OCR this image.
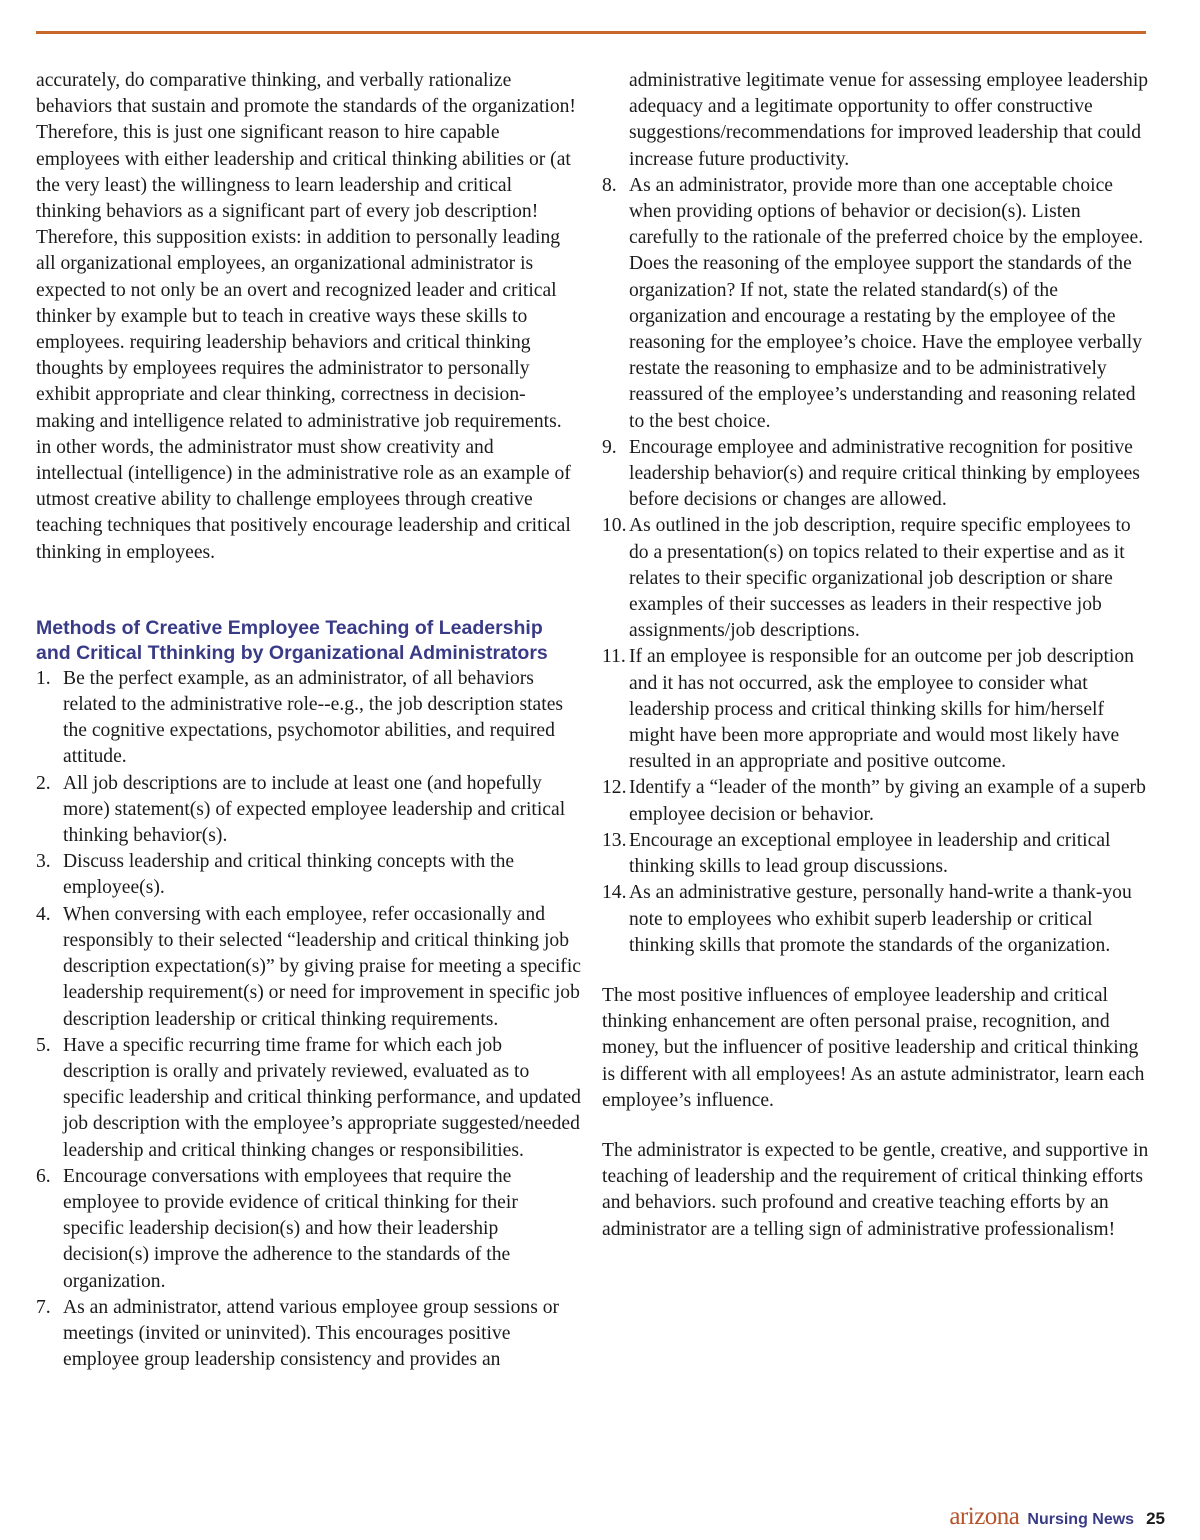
accurately, do comparative thinking, and verbally rationalize behaviors that sustain and promote the standards of the organization! Therefore, this is just one significant reason to hire capable employees with either leadership and critical thinking abilities or (at the very least) the willingness to learn leadership and critical thinking behaviors as a significant part of every job description! Therefore, this supposition exists: in addition to personally leading all organizational employees, an organizational administrator is expected to not only be an overt and recognized leader and critical thinker by example but to teach in creative ways these skills to employees. requiring leadership behaviors and critical thinking thoughts by employees requires the administrator to personally exhibit appropriate and clear thinking, correctness in decision-making and intelligence related to administrative job requirements. in other words, the administrator must show creativity and intellectual (intelligence) in the administrative role as an example of utmost creative ability to challenge employees through creative teaching techniques that positively encourage leadership and critical thinking in employees.

Methods of Creative Employee Teaching of Leadership and Critical Tthinking by Organizational Administrators
1. Be the perfect example, as an administrator, of all behaviors related to the administrative role--e.g., the job description states the cognitive expectations, psychomotor abilities, and required attitude.
2. All job descriptions are to include at least one (and hopefully more) statement(s) of expected employee leadership and critical thinking behavior(s).
3. Discuss leadership and critical thinking concepts with the employee(s).
4. When conversing with each employee, refer occasionally and responsibly to their selected “leadership and critical thinking job description expectation(s)” by giving praise for meeting a specific leadership requirement(s) or need for improvement in specific job description leadership or critical thinking requirements.
5. Have a specific recurring time frame for which each job description is orally and privately reviewed, evaluated as to specific leadership and critical thinking performance, and updated job description with the employee’s appropriate suggested/needed leadership and critical thinking changes or responsibilities.
6. Encourage conversations with employees that require the employee to provide evidence of critical thinking for their specific leadership decision(s) and how their leadership decision(s) improve the adherence to the standards of the organization.
7. As an administrator, attend various employee group sessions or meetings (invited or uninvited). This encourages positive employee group leadership consistency and provides an

administrative legitimate venue for assessing employee leadership adequacy and a legitimate opportunity to offer constructive suggestions/recommendations for improved leadership that could increase future productivity.

8. As an administrator, provide more than one acceptable choice when providing options of behavior or decision(s). Listen carefully to the rationale of the preferred choice by the employee. Does the reasoning of the employee support the standards of the organization? If not, state the related standard(s) of the organization and encourage a restating by the employee of the reasoning for the employee’s choice. Have the employee verbally restate the reasoning to emphasize and to be administratively reassured of the employee’s understanding and reasoning related to the best choice.
9. Encourage employee and administrative recognition for positive leadership behavior(s) and require critical thinking by employees before decisions or changes are allowed.
10. As outlined in the job description, require specific employees to do a presentation(s) on topics related to their expertise and as it relates to their specific organizational job description or share examples of their successes as leaders in their respective job assignments/job descriptions.
11. If an employee is responsible for an outcome per job description and it has not occurred, ask the employee to consider what leadership process and critical thinking skills for him/herself might have been more appropriate and would most likely have resulted in an appropriate and positive outcome.
12. Identify a “leader of the month” by giving an example of a superb employee decision or behavior.
13. Encourage an exceptional employee in leadership and critical thinking skills to lead group discussions.
14. As an administrative gesture, personally hand-write a thank-you note to employees who exhibit superb leadership or critical thinking skills that promote the standards of the organization.

The most positive influences of employee leadership and critical thinking enhancement are often personal praise, recognition, and money, but the influencer of positive leadership and critical thinking is different with all employees! As an astute administrator, learn each employee’s influence.

The administrator is expected to be gentle, creative, and supportive in teaching of leadership and the requirement of critical thinking efforts and behaviors. such profound and creative teaching efforts by an administrator are a telling sign of administrative professionalism!

arizona Nursing News 25
